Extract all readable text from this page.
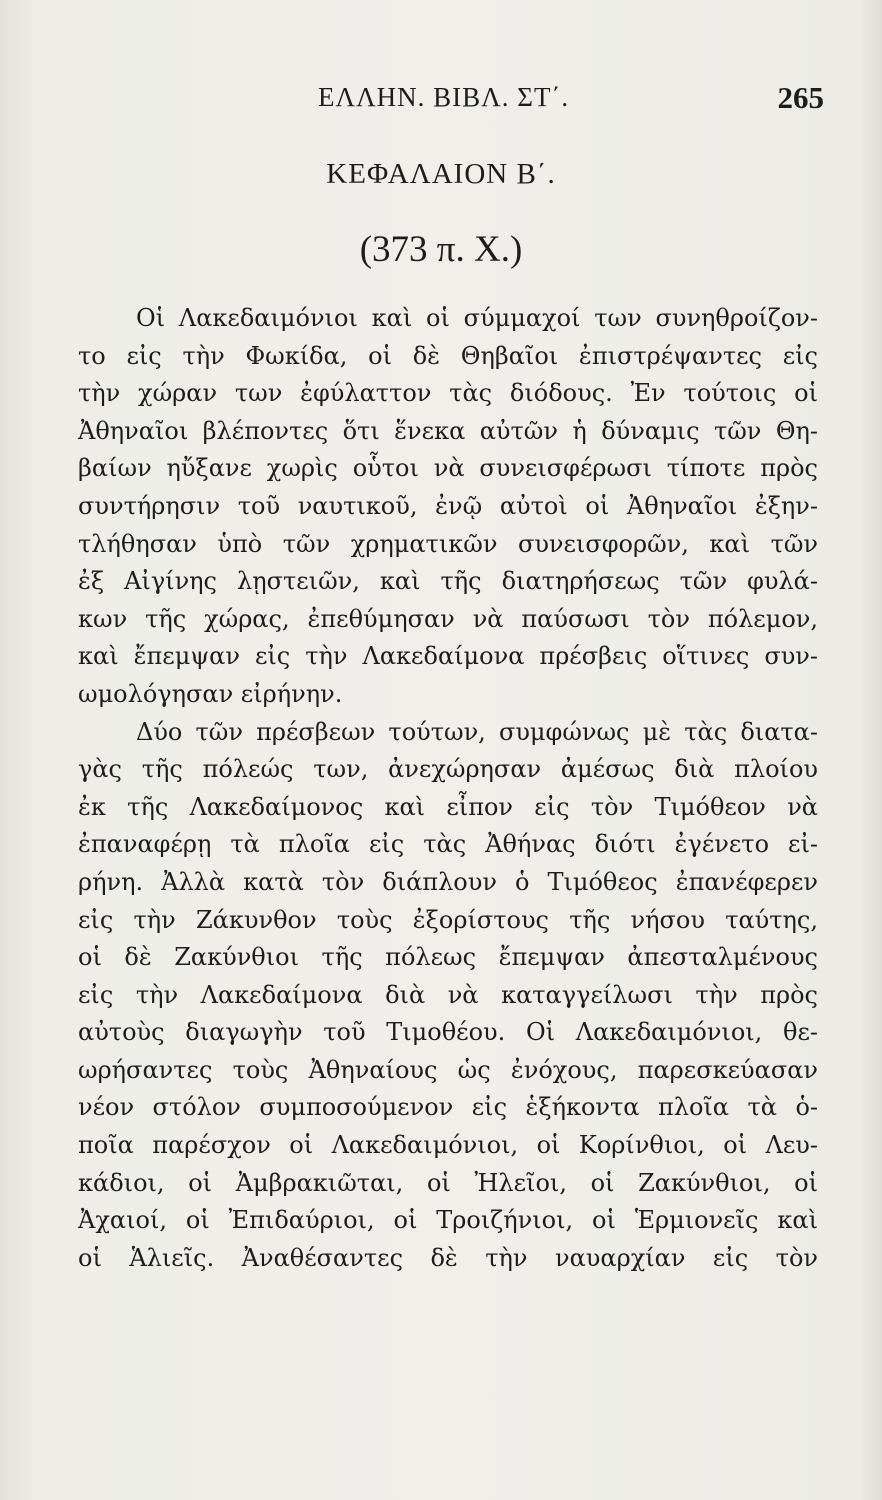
ΕΛΛΗΝ. ΒΙΒΛ. ΣΤ΄.	265
ΚΕΦΑΛΑΙΟΝ Β΄.
(373 π. Χ.)
Οἱ Λακεδαιμόνιοι καὶ οἱ σύμμαχοί των συνηθροίζον-
το εἰς τὴν Φωκίδα, οἱ δὲ Θηβαῖοι ἐπιστρέψαντες εἰς
τὴν χώραν των ἐφύλαττον τὰς διόδους. Ἐν τούτοις οἱ
Ἀθηναῖοι βλέποντες ὅτι ἕνεκα αὐτῶν ἡ δύναμις τῶν Θη-
βαίων ηὔξανε χωρὶς οὗτοι νὰ συνεισφέρωσι τίποτε πρὸς
συντήρησιν τοῦ ναυτικοῦ, ἐνῷ αὐτοὶ οἱ Ἀθηναῖοι ἐξην-
τλήθησαν ὑπὸ τῶν χρηματικῶν συνεισφορῶν, καὶ τῶν
ἐξ Αἰγίνης λῃστειῶν, καὶ τῆς διατηρήσεως τῶν φυλά-
κων τῆς χώρας, ἐπεθύμησαν νὰ παύσωσι τὸν πόλεμον,
καὶ ἔπεμψαν εἰς τὴν Λακεδαίμονα πρέσβεις οἵτινες συν-
ωμολόγησαν εἰρήνην.
Δύο τῶν πρέσβεων τούτων, συμφώνως μὲ τὰς διατα-
γὰς τῆς πόλεώς των, ἀνεχώρησαν ἀμέσως διὰ πλοίου
ἐκ τῆς Λακεδαίμονος καὶ εἶπον εἰς τὸν Τιμόθεον νὰ
ἐπαναφέρῃ τὰ πλοῖα εἰς τὰς Ἀθήνας διότι ἐγένετο εἰ-
ρήνη. Ἀλλὰ κατὰ τὸν διάπλουν ὁ Τιμόθεος ἐπανέφερεν
εἰς τὴν Ζάκυνθον τοὺς ἐξορίστους τῆς νήσου ταύτης,
οἱ δὲ Ζακύνθιοι τῆς πόλεως ἔπεμψαν ἀπεσταλμένους
εἰς τὴν Λακεδαίμονα διὰ νὰ καταγγείλωσι τὴν πρὸς
αὐτοὺς διαγωγὴν τοῦ Τιμοθέου. Οἱ Λακεδαιμόνιοι, θε-
ωρήσαντες τοὺς Ἀθηναίους ὡς ἐνόχους, παρεσκεύασαν
νέον στόλον συμποσούμενον εἰς ἑξήκοντα πλοῖα τὰ ὁ-
ποῖα παρέσχον οἱ Λακεδαιμόνιοι, οἱ Κορίνθιοι, οἱ Λευ-
κάδιοι, οἱ Ἀμβρακιῶται, οἱ Ἠλεῖοι, οἱ Ζακύνθιοι, οἱ
Ἀχαιοί, οἱ Ἐπιδαύριοι, οἱ Τροιζήνιοι, οἱ Ἑρμιονεῖς καὶ
οἱ Ἁλιεῖς. Ἀναθέσαντες δὲ τὴν ναυαρχίαν εἰς τὸν
